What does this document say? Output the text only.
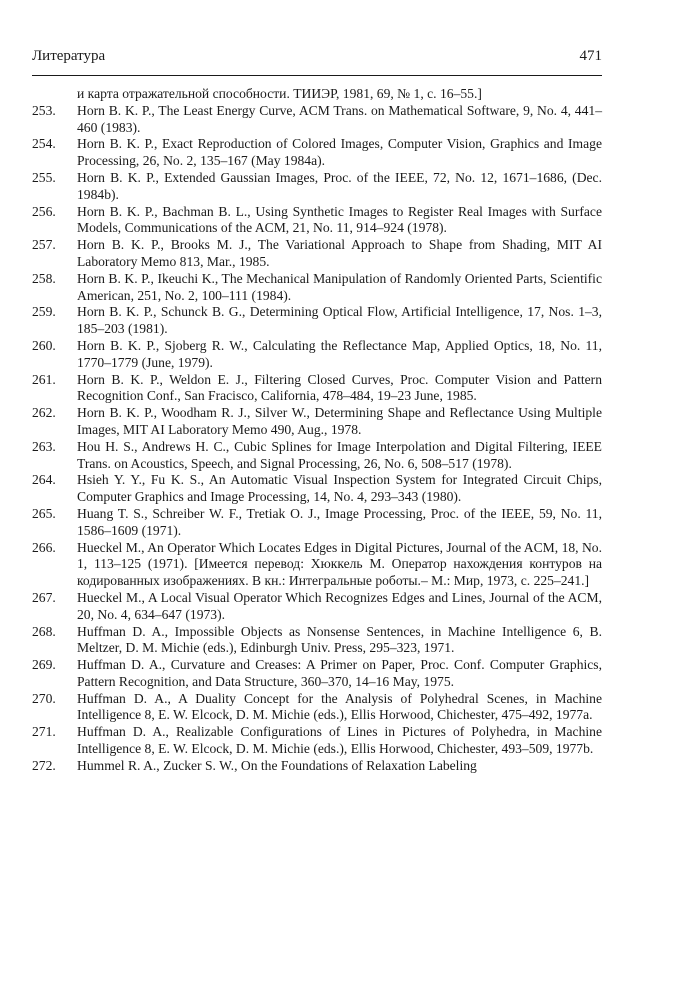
Литература	471
и карта отражательной способности. ТИИЭР, 1981, 69, № 1, с. 16–55.]
253.	Horn B. K. P., The Least Energy Curve, ACM Trans. on Mathematical Software, 9, No. 4, 441–460 (1983).
254.	Horn B. K. P., Exact Reproduction of Colored Images, Computer Vision, Graphics and Image Processing, 26, No. 2, 135–167 (May 1984a).
255.	Horn B. K. P., Extended Gaussian Images, Proc. of the IEEE, 72, No. 12, 1671–1686, (Dec. 1984b).
256.	Horn B. K. P., Bachman B. L., Using Synthetic Images to Register Real Images with Surface Models, Communications of the ACM, 21, No. 11, 914–924 (1978).
257.	Horn B. K. P., Brooks M. J., The Variational Approach to Shape from Shading, MIT AI Laboratory Memo 813, Mar., 1985.
258.	Horn B. K. P., Ikeuchi K., The Mechanical Manipulation of Randomly Oriented Parts, Scientific American, 251, No. 2, 100–111 (1984).
259.	Horn B. K. P., Schunck B. G., Determining Optical Flow, Artificial Intelligence, 17, Nos. 1–3, 185–203 (1981).
260.	Horn B. K. P., Sjoberg R. W., Calculating the Reflectance Map, Applied Optics, 18, No. 11, 1770–1779 (June, 1979).
261.	Horn B. K. P., Weldon E. J., Filtering Closed Curves, Proc. Computer Vision and Pattern Recognition Conf., San Fracisco, California, 478–484, 19–23 June, 1985.
262.	Horn B. K. P., Woodham R. J., Silver W., Determining Shape and Reflectance Using Multiple Images, MIT AI Laboratory Memo 490, Aug., 1978.
263.	Hou H. S., Andrews H. C., Cubic Splines for Image Interpolation and Digital Filtering, IEEE Trans. on Acoustics, Speech, and Signal Processing, 26, No. 6, 508–517 (1978).
264.	Hsieh Y. Y., Fu K. S., An Automatic Visual Inspection System for Integrated Circuit Chips, Computer Graphics and Image Processing, 14, No. 4, 293–343 (1980).
265.	Huang T. S., Schreiber W. F., Tretiak O. J., Image Processing, Proc. of the IEEE, 59, No. 11, 1586–1609 (1971).
266.	Hueckel M., An Operator Which Locates Edges in Digital Pictures, Journal of the ACM, 18, No. 1, 113–125 (1971). [Имеется перевод: Хюккель М. Оператор нахождения контуров на кодированных изображениях. В кн.: Интегральные роботы.– М.: Мир, 1973, с. 225–241.]
267.	Hueckel M., A Local Visual Operator Which Recognizes Edges and Lines, Journal of the ACM, 20, No. 4, 634–647 (1973).
268.	Huffman D. A., Impossible Objects as Nonsense Sentences, in Machine Intelligence 6, B. Meltzer, D. M. Michie (eds.), Edinburgh Univ. Press, 295–323, 1971.
269.	Huffman D. A., Curvature and Creases: A Primer on Paper, Proc. Conf. Computer Graphics, Pattern Recognition, and Data Structure, 360–370, 14–16 May, 1975.
270.	Huffman D. A., A Duality Concept for the Analysis of Polyhedral Scenes, in Machine Intelligence 8, E. W. Elcock, D. M. Michie (eds.), Ellis Horwood, Chichester, 475–492, 1977a.
271.	Huffman D. A., Realizable Configurations of Lines in Pictures of Polyhedra, in Machine Intelligence 8, E. W. Elcock, D. M. Michie (eds.), Ellis Horwood, Chichester, 493–509, 1977b.
272.	Hummel R. A., Zucker S. W., On the Foundations of Relaxation Labeling
